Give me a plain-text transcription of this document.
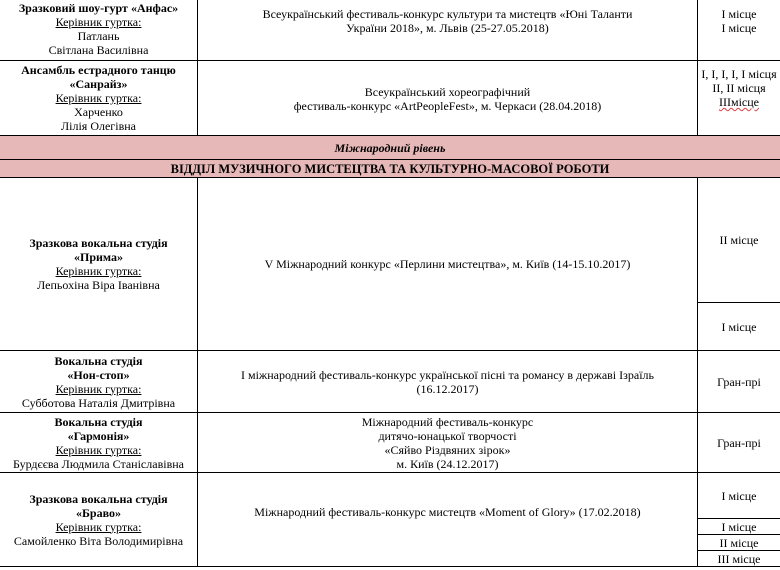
Зразковий шоу-гурт «Анфас»
Керівник гуртка:
Патлань
Світлана Василівна
Всеукраїнський фестиваль-конкурс культури та мистецтв «Юні Таланти
України 2018», м. Львів (25-27.05.2018)
I місце
I місце
Ансамбль естрадного танцю
«Санрайз»
Керівник гуртка:
Харченко
Лілія Олегівна
Всеукраїнський хореографічний
фестиваль-конкурс «ArtPeopleFest», м. Черкаси (28.04.2018)
I, I, I, I, I місця
II, II місця
IIIмісце
Міжнародний рівень
ВІДДІЛ МУЗИЧНОГО МИСТЕЦТВА ТА КУЛЬТУРНО-МАСОВОЇ РОБОТИ
Зразкова вокальна студія
«Прима»
Керівник гуртка:
Лепьохіна Віра Іванівна
V Міжнародний конкурс «Перлини мистецтва», м. Київ (14-15.10.2017)
II місце
I місце
Вокальна студія
«Нон-стоп»
Керівник гуртка:
Субботова Наталія Дмитрівна
I міжнародний фестиваль-конкурс української пісні та романсу в державі Ізраїль
(16.12.2017)	Гран-прі
Вокальна студія
«Гармонія»
Керівник гуртка:
Бурдєєва Людмила Станіславівна
Міжнародний фестиваль-конкурс
дитячо-юнацької творчості
«Сяйво Різдвяних зірок»
м. Київ (24.12.2017)
Гран-прі
Зразкова вокальна студія
«Браво»
Керівник гуртка:
Самойленко Віта Володимирівна
Міжнародний фестиваль-конкурс мистецтв «Moment of Glory» (17.02.2018)
I місце
I місце
II місце
III місце
